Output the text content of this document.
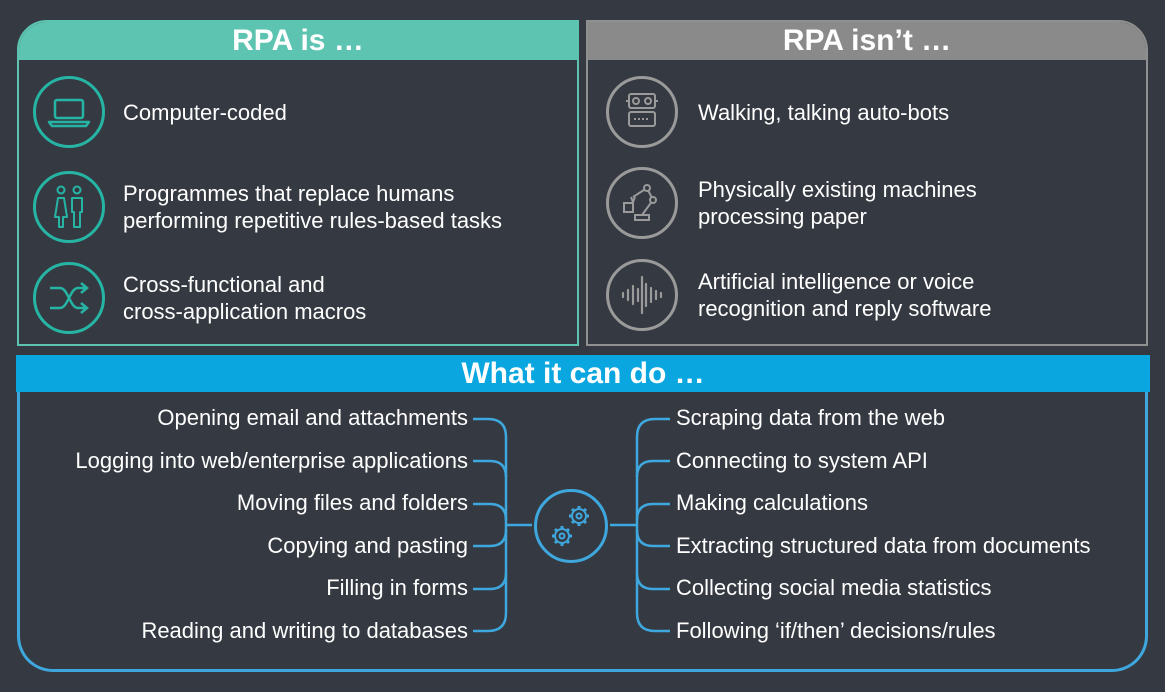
RPA is …
Computer-coded
Programmes that replace humans
performing repetitive rules-based tasks
Cross-functional and
cross-application macros
RPA isn’t …
Walking, talking auto-bots
Physically existing machines
processing paper
Artificial intelligence or voice
recognition and reply software
What it can do …
Opening email and attachments
Logging into web/enterprise applications
Moving files and folders
Copying and pasting
Filling in forms
Reading and writing to databases
Scraping data from the web
Connecting to system API
Making calculations
Extracting structured data from documents
Collecting social media statistics
Following ‘if/then’ decisions/rules
